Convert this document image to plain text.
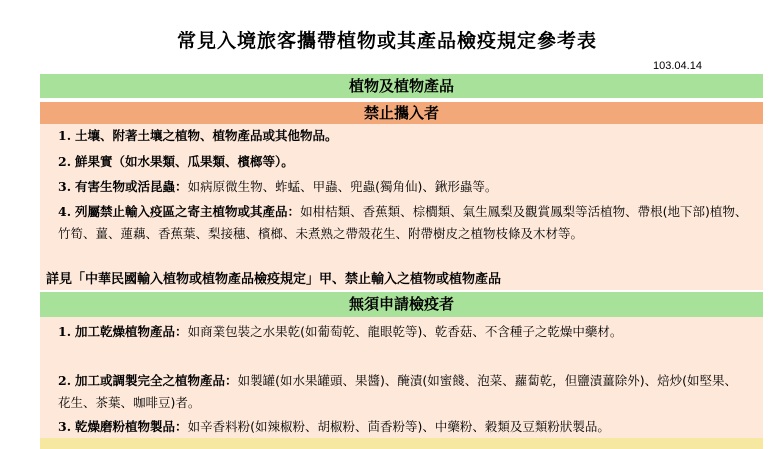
常見入境旅客攜帶植物或其產品檢疫規定參考表
103.04.14
植物及植物產品
禁止攜入者
1. 土壤、附著土壤之植物、植物產品或其他物品。
2. 鮮果實（如水果類、瓜果類、檳榔等）。
3. 有害生物或活昆蟲：如病原微生物、蚱蜢、甲蟲、兜蟲(獨角仙)、鍬形蟲等。
4. 列屬禁止輸入疫區之寄主植物或其產品：如柑桔類、香蕉類、棕櫚類、氣生鳳梨及觀賞鳳梨等活植物、帶根(地下部)植物、竹筍、薑、蓮藕、香蕉葉、梨接穗、檳榔、未煮熟之帶殼花生、附帶樹皮之植物枝條及木材等。
詳見「中華民國輸入植物或植物產品檢疫規定」甲、禁止輸入之植物或植物產品
無須申請檢疫者
1. 加工乾燥植物產品：如商業包裝之水果乾(如葡萄乾、龍眼乾等)、乾香菇、不含種子之乾燥中藥材。
2. 加工或調製完全之植物產品：如製罐(如水果罐頭、果醬)、醃漬(如蜜餞、泡菜、蘿蔔乾，但鹽漬薑除外)、焙炒(如堅果、花生、茶葉、咖啡豆)者。
3. 乾燥磨粉植物製品：如辛香料粉(如辣椒粉、胡椒粉、茴香粉等)、中藥粉、穀類及豆類粉狀製品。
